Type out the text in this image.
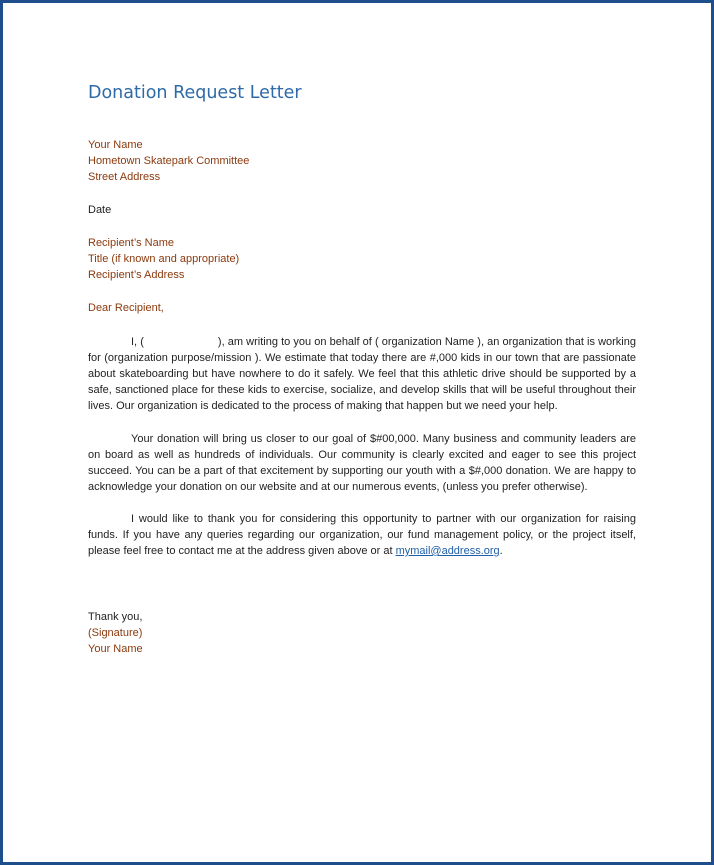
Donation Request Letter
Your Name
Hometown Skatepark Committee
Street Address
Date
Recipient’s Name
Title (if known and appropriate)
Recipient’s Address
Dear Recipient,
I, (	), am writing to you on behalf of ( organization Name ), an organization that is working for (organization purpose/mission ). We estimate that today there are #,000 kids in our town that are passionate about skateboarding but have nowhere to do it safely. We feel that this athletic drive should be supported by a safe, sanctioned place for these kids to exercise, socialize, and develop skills that will be useful throughout their lives. Our organization is dedicated to the process of making that happen but we need your help.
Your donation will bring us closer to our goal of $#00,000. Many business and community leaders are on board as well as hundreds of individuals. Our community is clearly excited and eager to see this project succeed. You can be a part of that excitement by supporting our youth with a $#,000 donation. We are happy to acknowledge your donation on our website and at our numerous events, (unless you prefer otherwise).
I would like to thank you for considering this opportunity to partner with our organization for raising funds. If you have any queries regarding our organization, our fund management policy, or the project itself, please feel free to contact me at the address given above or at mymail@address.org.
Thank you,
(Signature)
Your Name
